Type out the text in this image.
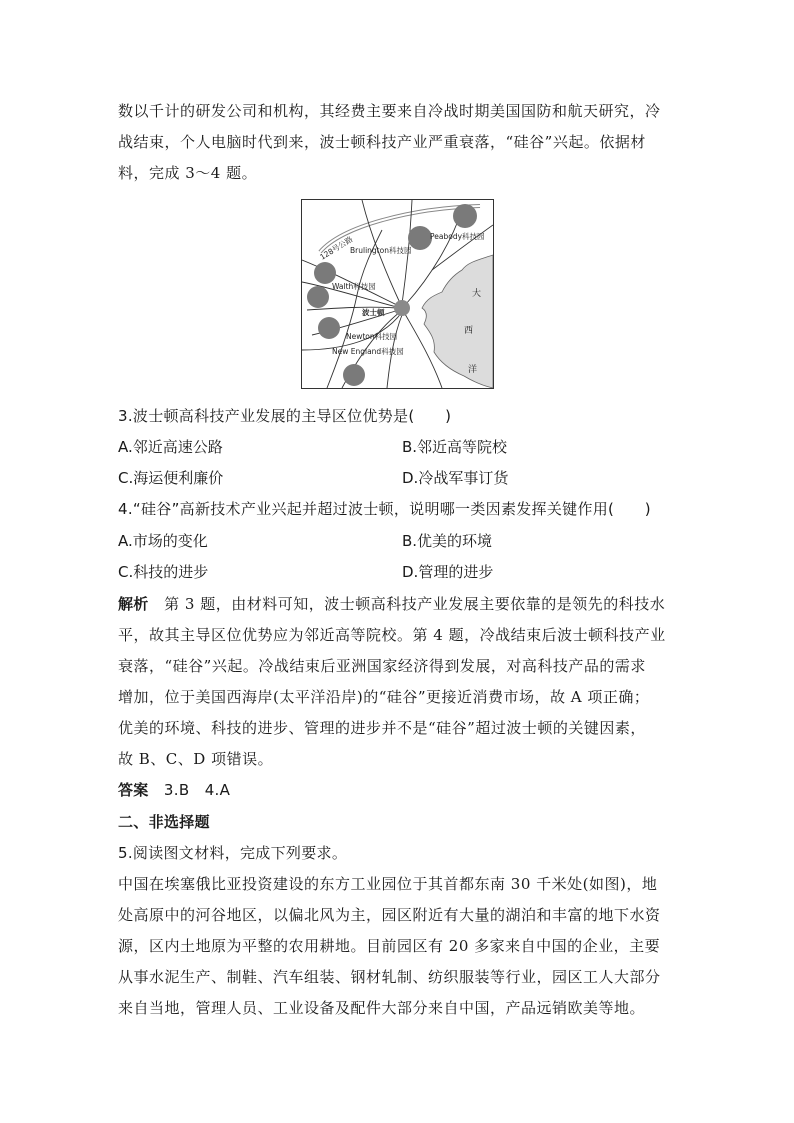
数以千计的研发公司和机构，其经费主要来自冷战时期美国国防和航天研究，冷
战结束，个人电脑时代到来，波士顿科技产业严重衰落，“硅谷”兴起。依据材
料，完成 3～4 题。
128号公路	Peabody科技园
Brulington科技园
Walth科技园
波士顿
Newton科技园
New England科技园
大
西
洋
3.波士顿高科技产业发展的主导区位优势是(　　)
A.邻近高速公路	B.邻近高等院校
C.海运便利廉价	D.冷战军事订货
4.“硅谷”高新技术产业兴起并超过波士顿，说明哪一类因素发挥关键作用(　　)
A.市场的变化	B.优美的环境
C.科技的进步	D.管理的进步
解析　第 3 题，由材料可知，波士顿高科技产业发展主要依靠的是领先的科技水
平，故其主导区位优势应为邻近高等院校。第 4 题，冷战结束后波士顿科技产业
衰落，“硅谷”兴起。冷战结束后亚洲国家经济得到发展，对高科技产品的需求
增加，位于美国西海岸(太平洋沿岸)的“硅谷”更接近消费市场，故 A 项正确；
优美的环境、科技的进步、管理的进步并不是“硅谷”超过波士顿的关键因素，
故 B、C、D 项错误。
答案　3.B　4.A
二、非选择题
5.阅读图文材料，完成下列要求。
中国在埃塞俄比亚投资建设的东方工业园位于其首都东南 30 千米处(如图)，地
处高原中的河谷地区，以偏北风为主，园区附近有大量的湖泊和丰富的地下水资
源，区内土地原为平整的农用耕地。目前园区有 20 多家来自中国的企业，主要
从事水泥生产、制鞋、汽车组装、钢材轧制、纺织服装等行业，园区工人大部分
来自当地，管理人员、工业设备及配件大部分来自中国，产品远销欧美等地。
